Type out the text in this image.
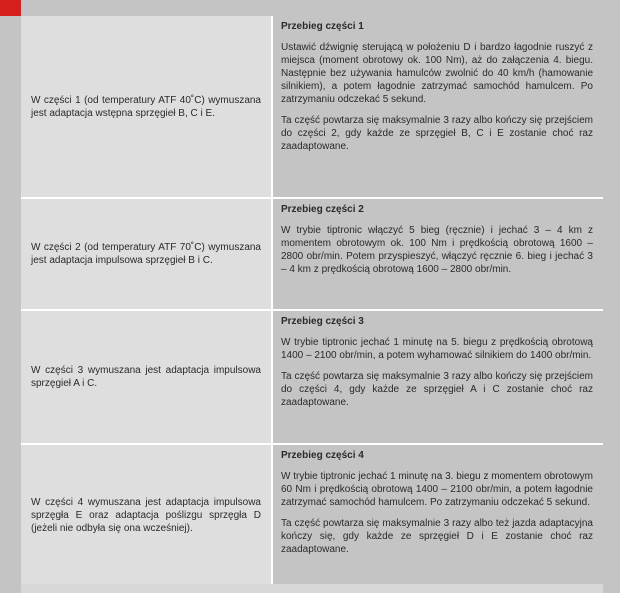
W części 1 (od temperatury ATF 40˚C) wymuszana jest adaptacja wstępna sprzęgieł B, C i E.
Przebieg części 1

Ustawić dźwignię sterującą w położeniu D i bardzo łagodnie ruszyć z miejsca (moment obrotowy ok. 100 Nm), aż do załączenia 4. biegu. Następnie bez używania hamulców zwolnić do 40 km/h (hamowanie silnikiem), a potem łagodnie zatrzymać samochód hamulcem. Po zatrzymaniu odczekać 5 sekund.

Ta część powtarza się maksymalnie 3 razy albo kończy się przejściem do części 2, gdy każde ze sprzęgieł B, C i E zostanie choć raz zaadaptowane.

W części 2 (od temperatury ATF 70˚C) wymuszana jest adaptacja impulsowa sprzęgieł B i C.
Przebieg części 2

W trybie tiptronic włączyć 5 bieg (ręcznie) i jechać 3 – 4 km z momentem obrotowym ok. 100 Nm i prędkością obrotową 1600 – 2800 obr/min. Potem przyspieszyć, włączyć ręcznie 6. bieg i jechać 3 – 4 km z prędkością obrotową 1600 – 2800 obr/min.

W części 3 wymuszana jest adaptacja impulsowa sprzęgieł A i C.
Przebieg części 3

W trybie tiptronic jechać 1 minutę na 5. biegu z prędkością obrotową 1400 – 2100 obr/min, a potem wyhamować silnikiem do 1400 obr/min.

Ta część powtarza się maksymalnie 3 razy albo kończy się przejściem do części 4, gdy każde ze sprzęgieł A i C zostanie choć raz zaadaptowane.

W części 4 wymuszana jest adaptacja impulsowa sprzęgła E oraz adaptacja poślizgu sprzęgła D (jeżeli nie odbyła się ona wcześniej).
Przebieg części 4

W trybie tiptronic jechać 1 minutę na 3. biegu z momentem obrotowym 60 Nm i prędkością obrotową 1400 – 2100 obr/min, a potem łagodnie zatrzymać samochód hamulcem. Po zatrzymaniu odczekać 5 sekund.

Ta część powtarza się maksymalnie 3 razy albo też jazda adaptacyjna kończy się, gdy każde ze sprzęgieł D i E zostanie choć raz zaadaptowane.
